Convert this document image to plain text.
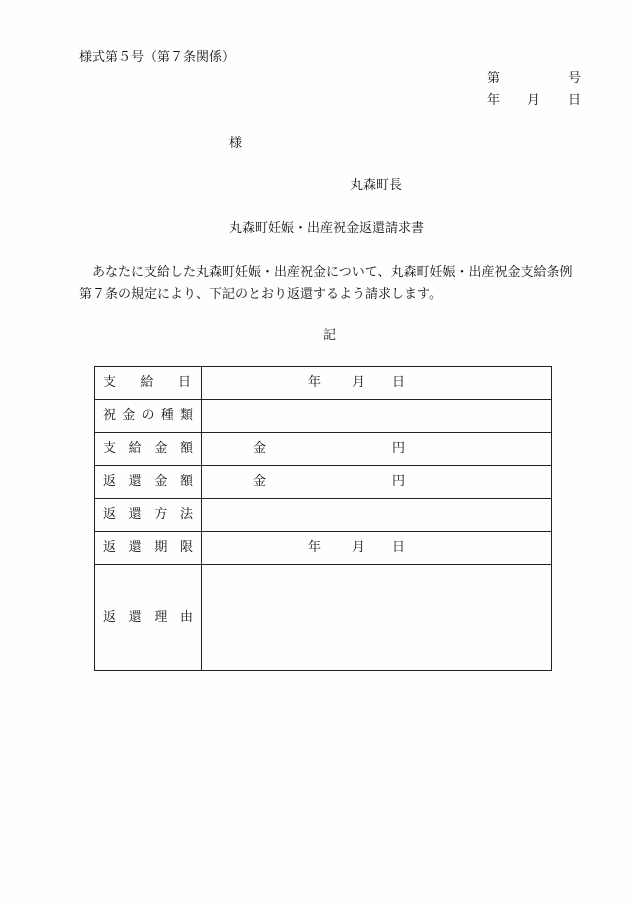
様式第５号（第７条関係）
第	号
年 月 日
様
丸森町長
丸森町妊娠・出産祝金返還請求書
あなたに支給した丸森町妊娠・出産祝金について、丸森町妊娠・出産祝金支給条例第７条の規定により、下記のとおり返還するよう請求します。
記
支 給 日	年 月 日

祝 金 の 種 類	

支 給 金 額	金 円

返 還 金 額	金 円

返 還 方 法	

返 還 期 限	年 月 日

返 還 理 由	
